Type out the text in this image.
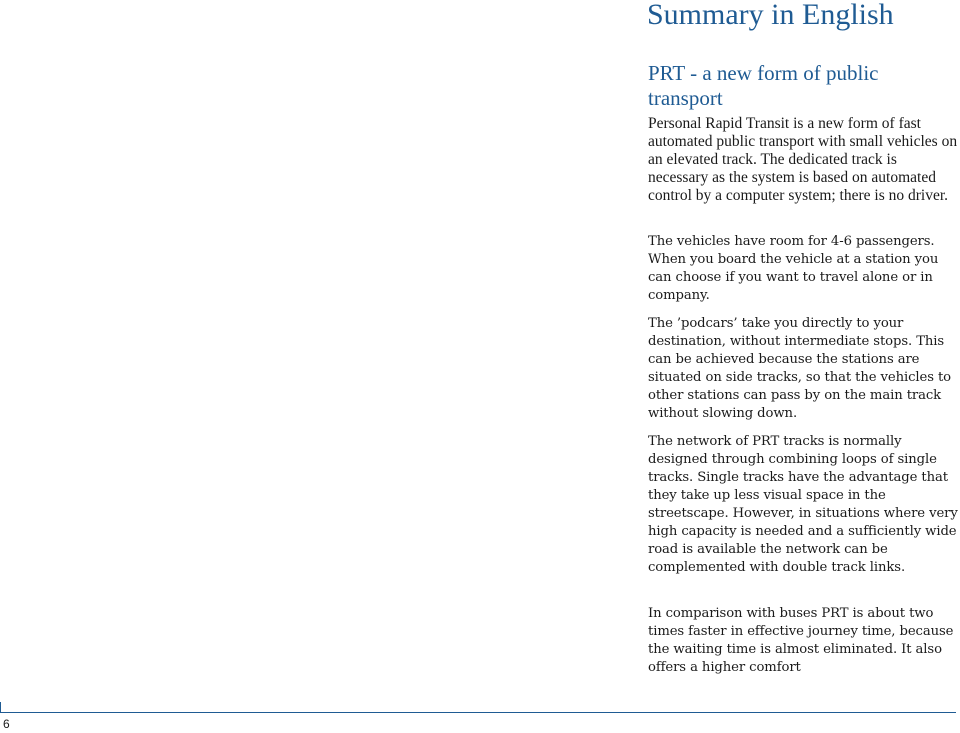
Summary in English
PRT - a new form of public transport

Personal Rapid Transit is a new form of fast automated public transport with small vehicles on an elevated track. The dedicated track is necessary as the system is based on automated control by a computer system; there is no driver.

The vehicles have room for 4-6 passengers. When you board the vehicle at a station you can choose if you want to travel alone or in company.

The ’podcars’ take you directly to your destination, without intermediate stops. This can be achieved because the stations are situated on side tracks, so that the vehicles to other stations can pass by on the main track without slowing down.

The network of PRT tracks is normally designed through combining loops of single tracks. Single tracks have the advantage that they take up less visual space in the streetscape. However, in situations where very high capacity is needed and a sufficiently wide road is available the network can be complemented with double track links.

In comparison with buses PRT is about two times faster in effective journey time, because the waiting time is almost eliminated. It also offers a higher comfort

6
